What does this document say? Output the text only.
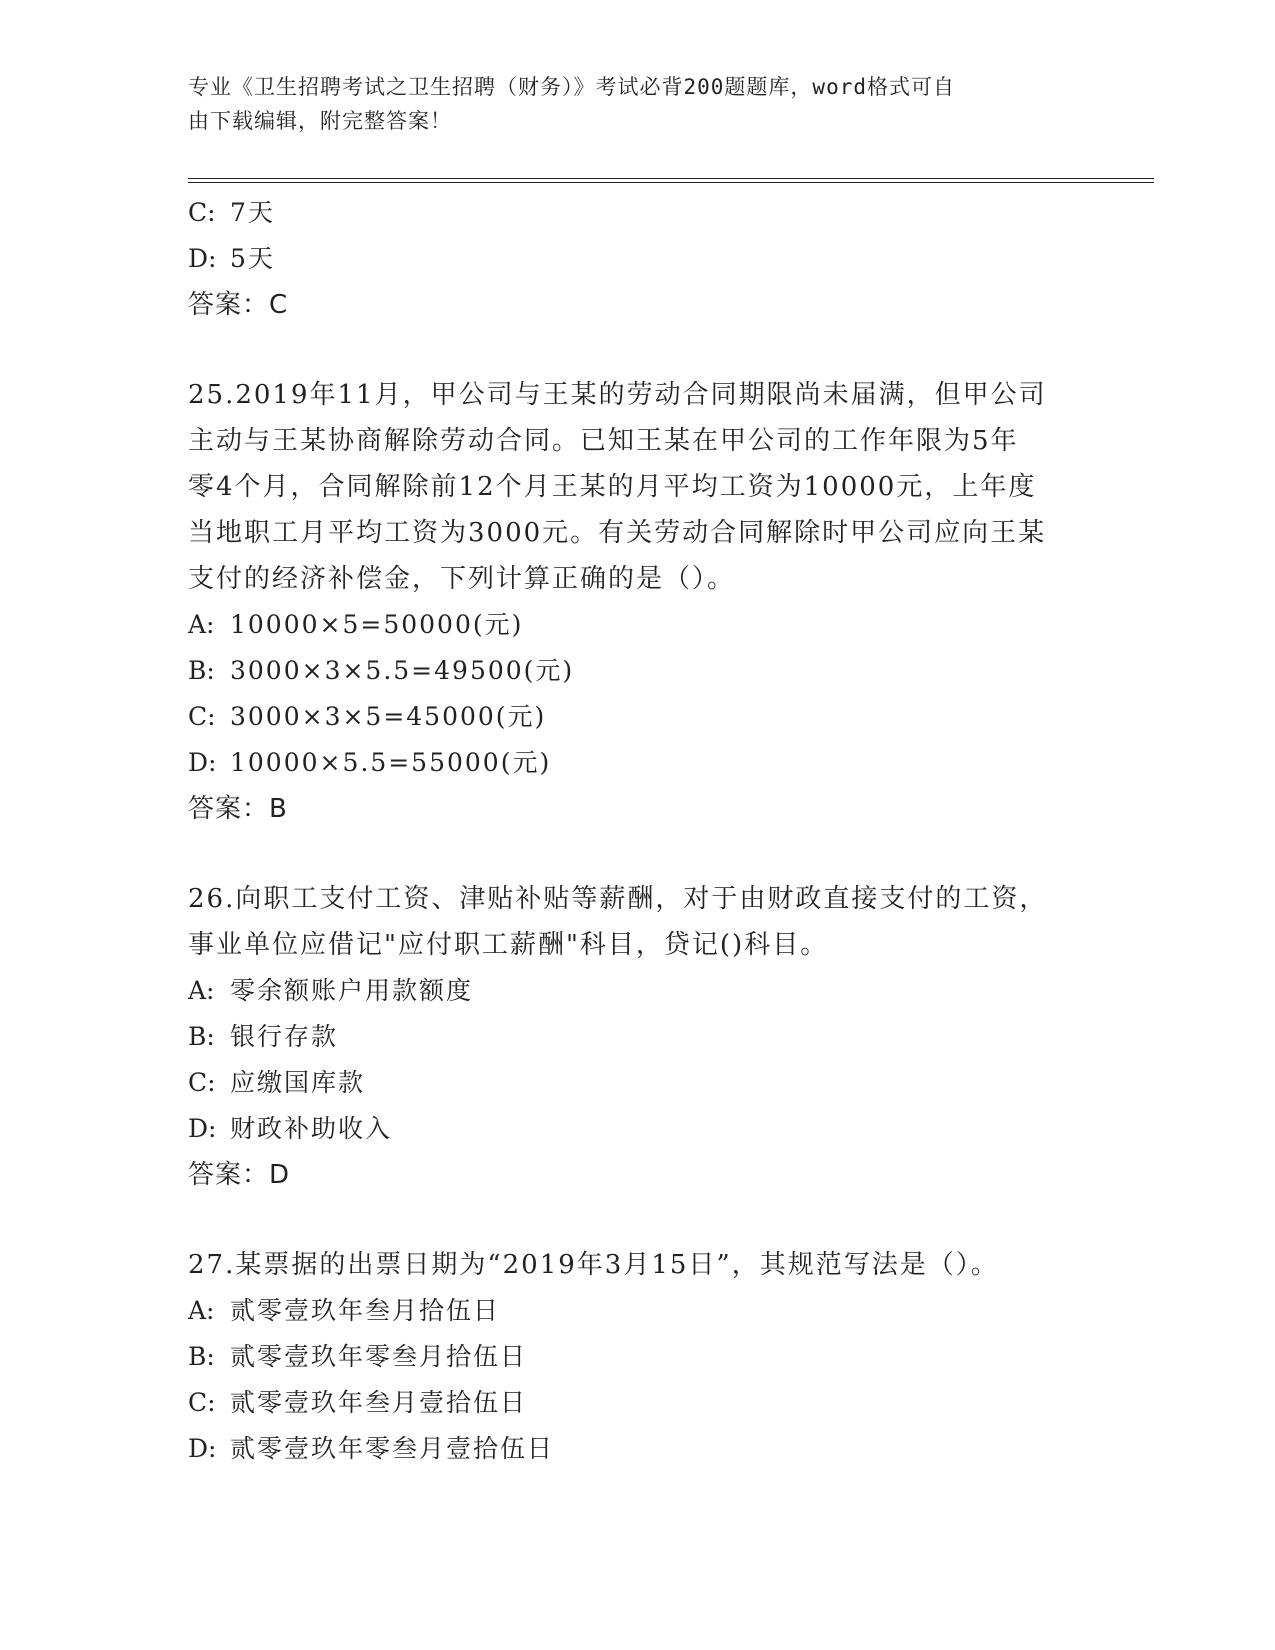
专业《卫生招聘考试之卫生招聘（财务）》考试必背200题题库，word格式可自
由下载编辑，附完整答案！
C: 7天
D: 5天
答案：C
25.2019年11月，甲公司与王某的劳动合同期限尚未届满，但甲公司
主动与王某协商解除劳动合同。已知王某在甲公司的工作年限为5年
零4个月，合同解除前12个月王某的月平均工资为10000元，上年度
当地职工月平均工资为3000元。有关劳动合同解除时甲公司应向王某
支付的经济补偿金，下列计算正确的是（）。
A: 10000×5=50000(元)
B: 3000×3×5.5=49500(元)
C: 3000×3×5=45000(元)
D: 10000×5.5=55000(元)
答案：B
26.向职工支付工资、津贴补贴等薪酬，对于由财政直接支付的工资，
事业单位应借记"应付职工薪酬"科目，贷记()科目。
A: 零余额账户用款额度
B: 银行存款
C: 应缴国库款
D: 财政补助收入
答案：D
27.某票据的出票日期为“2019年3月15日”，其规范写法是（）。
A: 贰零壹玖年叁月拾伍日
B: 贰零壹玖年零叁月拾伍日
C: 贰零壹玖年叁月壹拾伍日
D: 贰零壹玖年零叁月壹拾伍日
